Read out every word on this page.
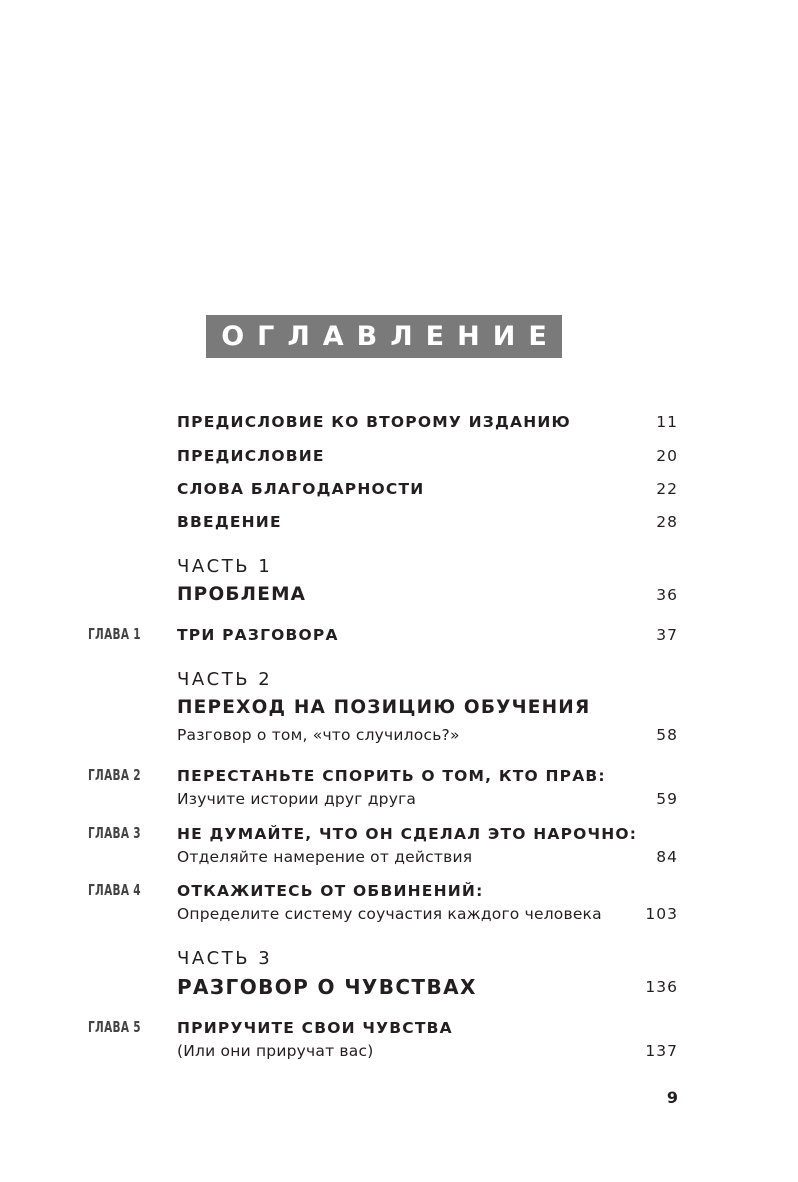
ОГЛАВЛЕНИЕ
ПРЕДИСЛОВИЕ КО ВТОРОМУ ИЗДАНИЮ	11
ПРЕДИСЛОВИЕ	20
СЛОВА БЛАГОДАРНОСТИ	22
ВВЕДЕНИЕ	28
ЧАСТЬ 1
ПРОБЛЕМА	36
ГЛАВА 1 ТРИ РАЗГОВОРА	37
ЧАСТЬ 2
ПЕРЕХОД НА ПОЗИЦИЮ ОБУЧЕНИЯ
Разговор о том, «что случилось?»	58
ГЛАВА 2 ПЕРЕСТАНЬТЕ СПОРИТЬ О ТОМ, КТО ПРАВ:
Изучите истории друг друга	59
ГЛАВА 3 НЕ ДУМАЙТЕ, ЧТО ОН СДЕЛАЛ ЭТО НАРОЧНО:
Отделяйте намерение от действия	84
ГЛАВА 4 ОТКАЖИТЕСЬ ОТ ОБВИНЕНИЙ:
Определите систему соучастия каждого человека	103
ЧАСТЬ 3
РАЗГОВОР О ЧУВСТВАХ	136
ГЛАВА 5 ПРИРУЧИТЕ СВОИ ЧУВСТВА
(Или они приручат вас)	137
9
